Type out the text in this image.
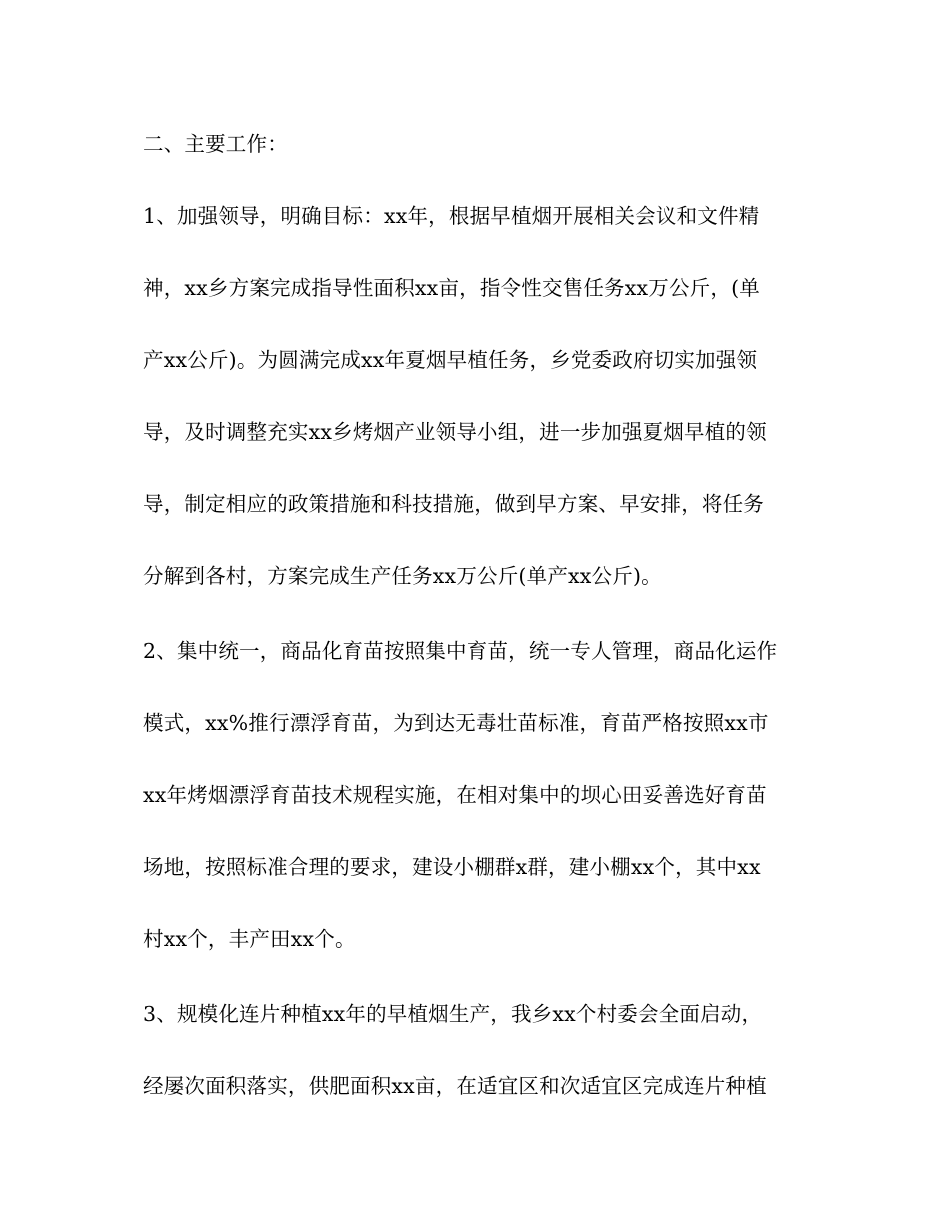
二、主要工作：
1、加强领导，明确目标：xx年，根据早植烟开展相关会议和文件精
神，xx乡方案完成指导性面积xx亩，指令性交售任务xx万公斤，(单
产xx公斤)。为圆满完成xx年夏烟早植任务，乡党委政府切实加强领
导，及时调整充实xx乡烤烟产业领导小组，进一步加强夏烟早植的领
导，制定相应的政策措施和科技措施，做到早方案、早安排，将任务
分解到各村，方案完成生产任务xx万公斤(单产xx公斤)。
2、集中统一，商品化育苗按照集中育苗，统一专人管理，商品化运作
模式，xx%推行漂浮育苗，为到达无毒壮苗标准，育苗严格按照xx市
xx年烤烟漂浮育苗技术规程实施，在相对集中的坝心田妥善选好育苗
场地，按照标准合理的要求，建设小棚群x群，建小棚xx个，其中xx
村xx个，丰产田xx个。
3、规模化连片种植xx年的早植烟生产，我乡xx个村委会全面启动，
经屡次面积落实，供肥面积xx亩，在适宜区和次适宜区完成连片种植
